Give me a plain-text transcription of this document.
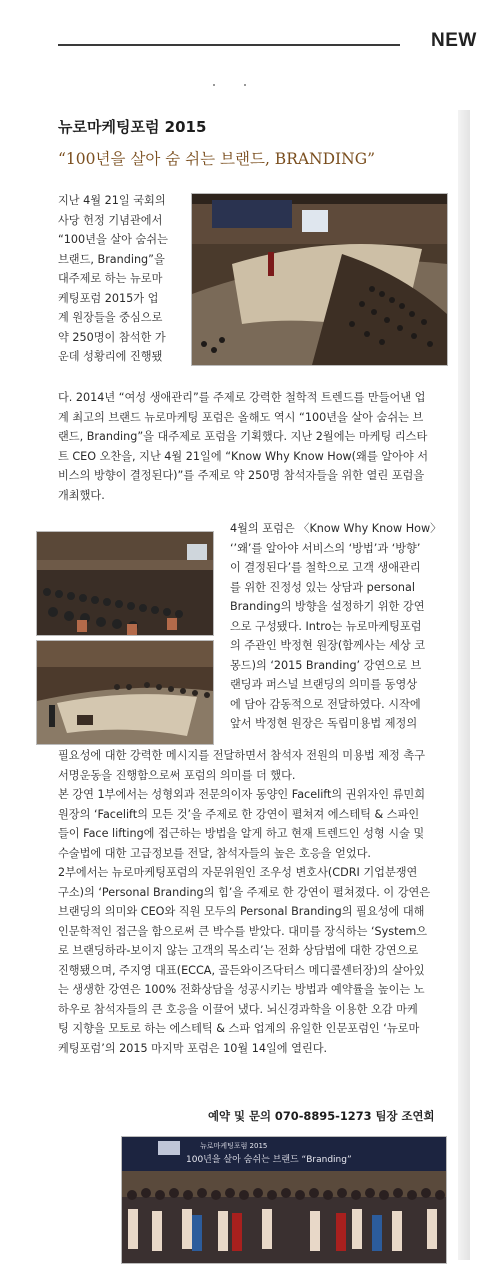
NEW
뉴로마케팅포럼 2015
“100년을 살아 숨 쉬는 브랜드, BRANDING”
지난 4월 21일 국회의
사당 헌정 기념관에서
“100년을 살아 숨쉬는
브랜드, Branding”을
대주제로 하는 뉴로마
케팅포럼 2015가 업
계 원장들을 중심으로
약 250명이 참석한 가
운데 성황리에 진행됐
다. 2014년 “여성 생애관리”를 주제로 강력한 철학적 트렌드를 만들어낸 업
계 최고의 브랜드 뉴로마케팅 포럼은 올해도 역시 “100년을 살아 숨쉬는 브
랜드, Branding”을 대주제로 포럼을 기획했다. 지난 2월에는 마케팅 리스타
트 CEO 오찬을, 지난 4월 21일에 “Know Why Know How(왜를 알아야 서
비스의 방향이 결정된다)”를 주제로 약 250명 참석자들을 위한 열린 포럼을
개최했다.
4월의 포럼은 〈Know Why Know How〉
‘’왜’를 알아야 서비스의 ‘방법’과 ‘방향’
이 결정된다’를 철학으로 고객 생애관리
를 위한 진정성 있는 상담과 personal
Branding의 방향을 설정하기 위한 강연
으로 구성됐다. Intro는 뉴로마케팅포럼
의 주관인 박정현 원장(함께사는 세상 코
몽드)의 ‘2015 Branding’ 강연으로 브
랜딩과 퍼스널 브랜딩의 의미를 동영상
에 담아 감동적으로 전달하였다. 시작에
앞서 박정현 원장은 독립미용법 제정의
필요성에 대한 강력한 메시지를 전달하면서 참석자 전원의 미용법 제정 촉구
서명운동을 진행함으로써 포럼의 의미를 더 했다.
본 강연 1부에서는 성형외과 전문의이자 동양인 Facelift의 권위자인 류민희
원장의 ‘Facelift의 모든 것’을 주제로 한 강연이 펼쳐져 에스테틱 & 스파인
들이 Face lifting에 접근하는 방법을 알게 하고 현재 트렌드인 성형 시술 및
수술법에 대한 고급정보를 전달, 참석자들의 높은 호응을 얻었다.
2부에서는 뉴로마케팅포럼의 자문위원인 조우성 변호사(CDRI 기업분쟁연
구소)의 ‘Personal Branding의 힘’을 주제로 한 강연이 펼쳐졌다. 이 강연은
브랜딩의 의미와 CEO와 직원 모두의 Personal Branding의 필요성에 대해
인문학적인 접근을 함으로써 큰 박수를 받았다. 대미를 장식하는 ‘System으
로 브랜딩하라-보이지 않는 고객의 목소리’는 전화 상담법에 대한 강연으로
진행됐으며, 주지영 대표(ECCA, 골든와이즈닥터스 메디콜센터장)의 살아있
는 생생한 강연은 100% 전화상담을 성공시키는 방법과 예약률을 높이는 노
하우로 참석자들의 큰 호응을 이끌어 냈다. 뇌신경과학을 이용한 오감 마케
팅 지향을 모토로 하는 에스테틱 & 스파 업계의 유일한 인문포럼인 ‘뉴로마
케팅포럼’의 2015 마지막 포럼은 10월 14일에 열린다.
예약 및 문의 070-8895-1273 팀장 조연희
뉴로마케팅포럼 2015
100년을 살아 숨쉬는 브랜드 “Branding”
